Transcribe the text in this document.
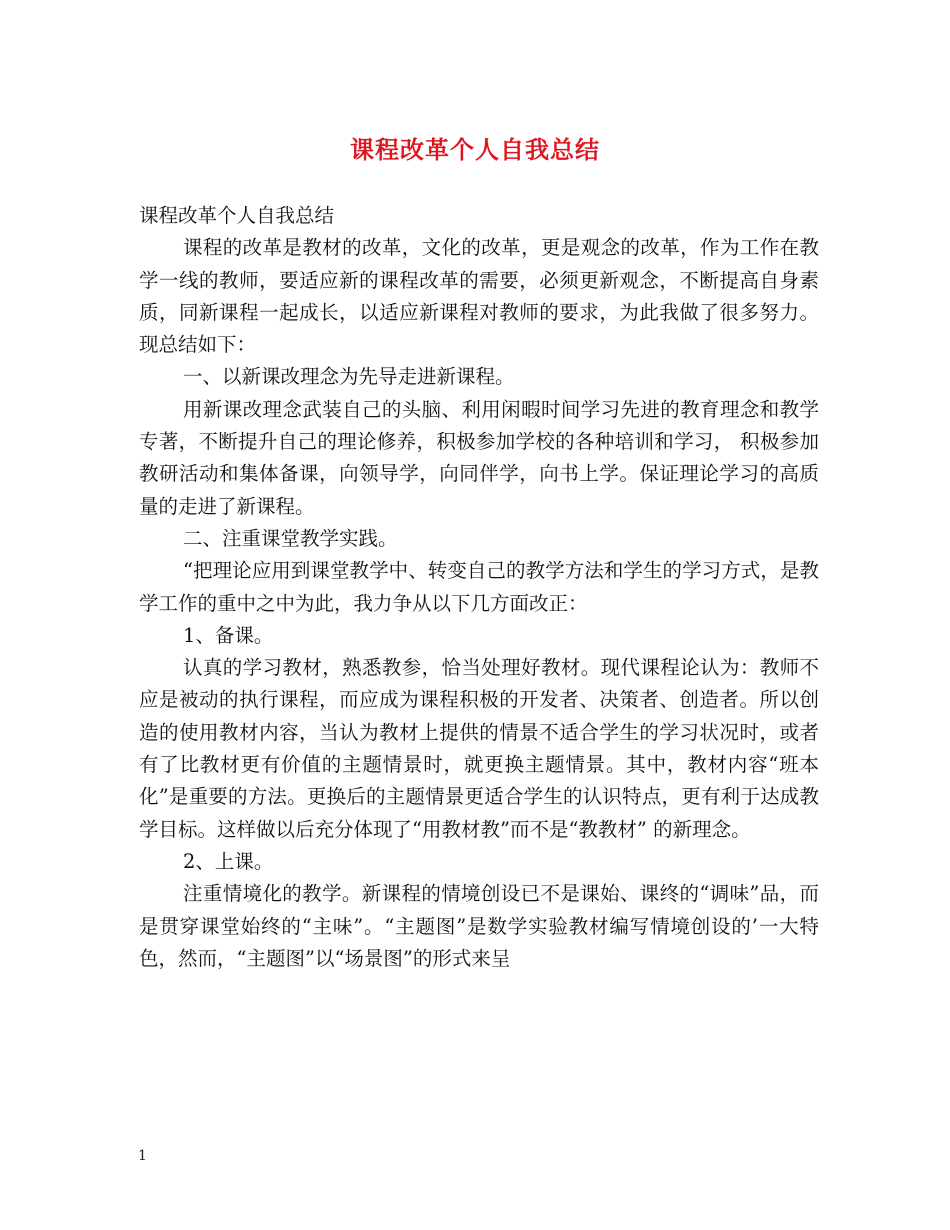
课程改革个人自我总结

课程改革个人自我总结

课程的改革是教材的改革，文化的改革，更是观念的改革，作为工作在教学一线的教师，要适应新的课程改革的需要，必须更新观念，不断提高自身素质，同新课程一起成长，以适应新课程对教师的要求，为此我做了很多努力。现总结如下：

一、以新课改理念为先导走进新课程。

用新课改理念武装自己的头脑、利用闲暇时间学习先进的教育理念和教学专著，不断提升自己的理论修养，积极参加学校的各种培训和学习， 积极参加教研活动和集体备课，向领导学，向同伴学，向书上学。保证理论学习的高质量的走进了新课程。

二、注重课堂教学实践。

“把理论应用到课堂教学中、转变自己的教学方法和学生的学习方式，是教学工作的重中之中为此，我力争从以下几方面改正：

1、备课。

认真的学习教材，熟悉教参，恰当处理好教材。现代课程论认为：教师不应是被动的执行课程，而应成为课程积极的开发者、决策者、创造者。所以创造的使用教材内容，当认为教材上提供的情景不适合学生的学习状况时，或者有了比教材更有价值的主题情景时，就更换主题情景。其中，教材内容“班本化”是重要的方法。更换后的主题情景更适合学生的认识特点，更有利于达成教学目标。这样做以后充分体现了“用教材教”而不是“教教材” 的新理念。

2、上课。

注重情境化的教学。新课程的情境创设已不是课始、课终的“调味”品，而是贯穿课堂始终的“主味”。“主题图”是数学实验教材编写情境创设的’一大特色，然而，“主题图”以“场景图”的形式来呈

1
